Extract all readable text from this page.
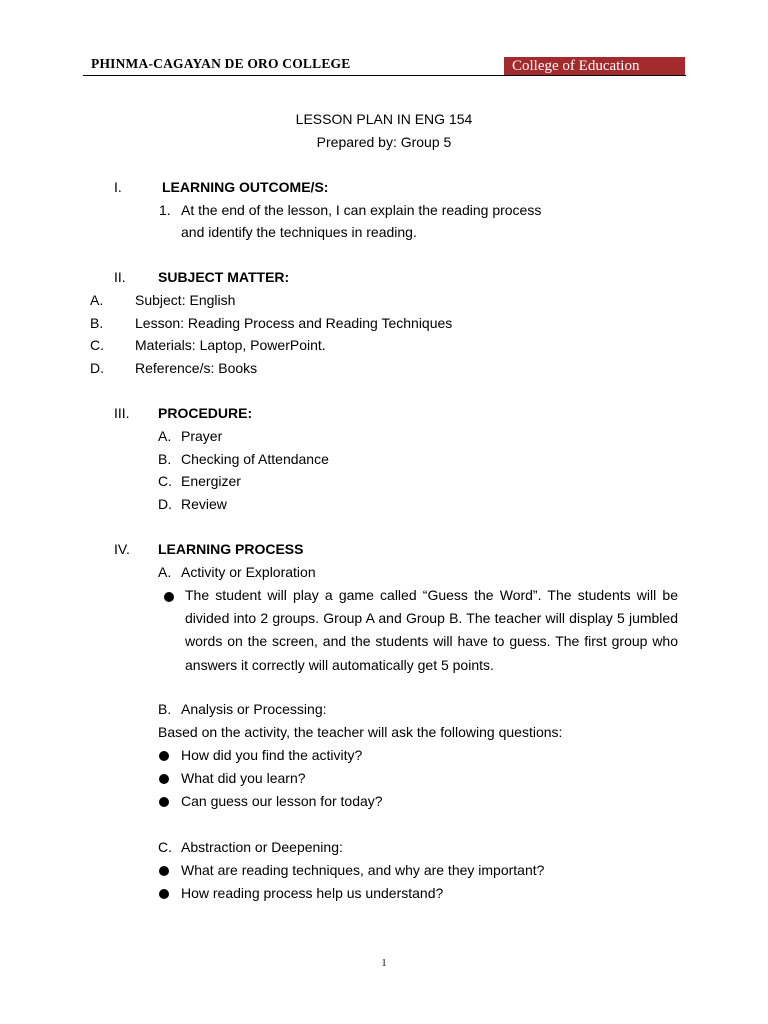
PHINMA-CAGAYAN DE ORO COLLEGE	College of Education
LESSON PLAN IN ENG 154
Prepared by: Group 5
I.	LEARNING OUTCOME/S:
1. At the end of the lesson, I can explain the reading process
and identify the techniques in reading.
II. SUBJECT MATTER:
A. Subject: English
B. Lesson: Reading Process and Reading Techniques
C. Materials: Laptop, PowerPoint.
D. Reference/s: Books
III. PROCEDURE:
A. Prayer
B. Checking of Attendance
C. Energizer
D. Review
IV. LEARNING PROCESS
A. Activity or Exploration
The student will play a game called “Guess the Word”. The students will be divided into 2 groups. Group A and Group B. The teacher will display 5 jumbled words on the screen, and the students will have to guess. The first group who answers it correctly will automatically get 5 points.
B. Analysis or Processing:
Based on the activity, the teacher will ask the following questions:
How did you find the activity?
What did you learn?
Can guess our lesson for today?
C. Abstraction or Deepening:
What are reading techniques, and why are they important?
How reading process help us understand?
1
